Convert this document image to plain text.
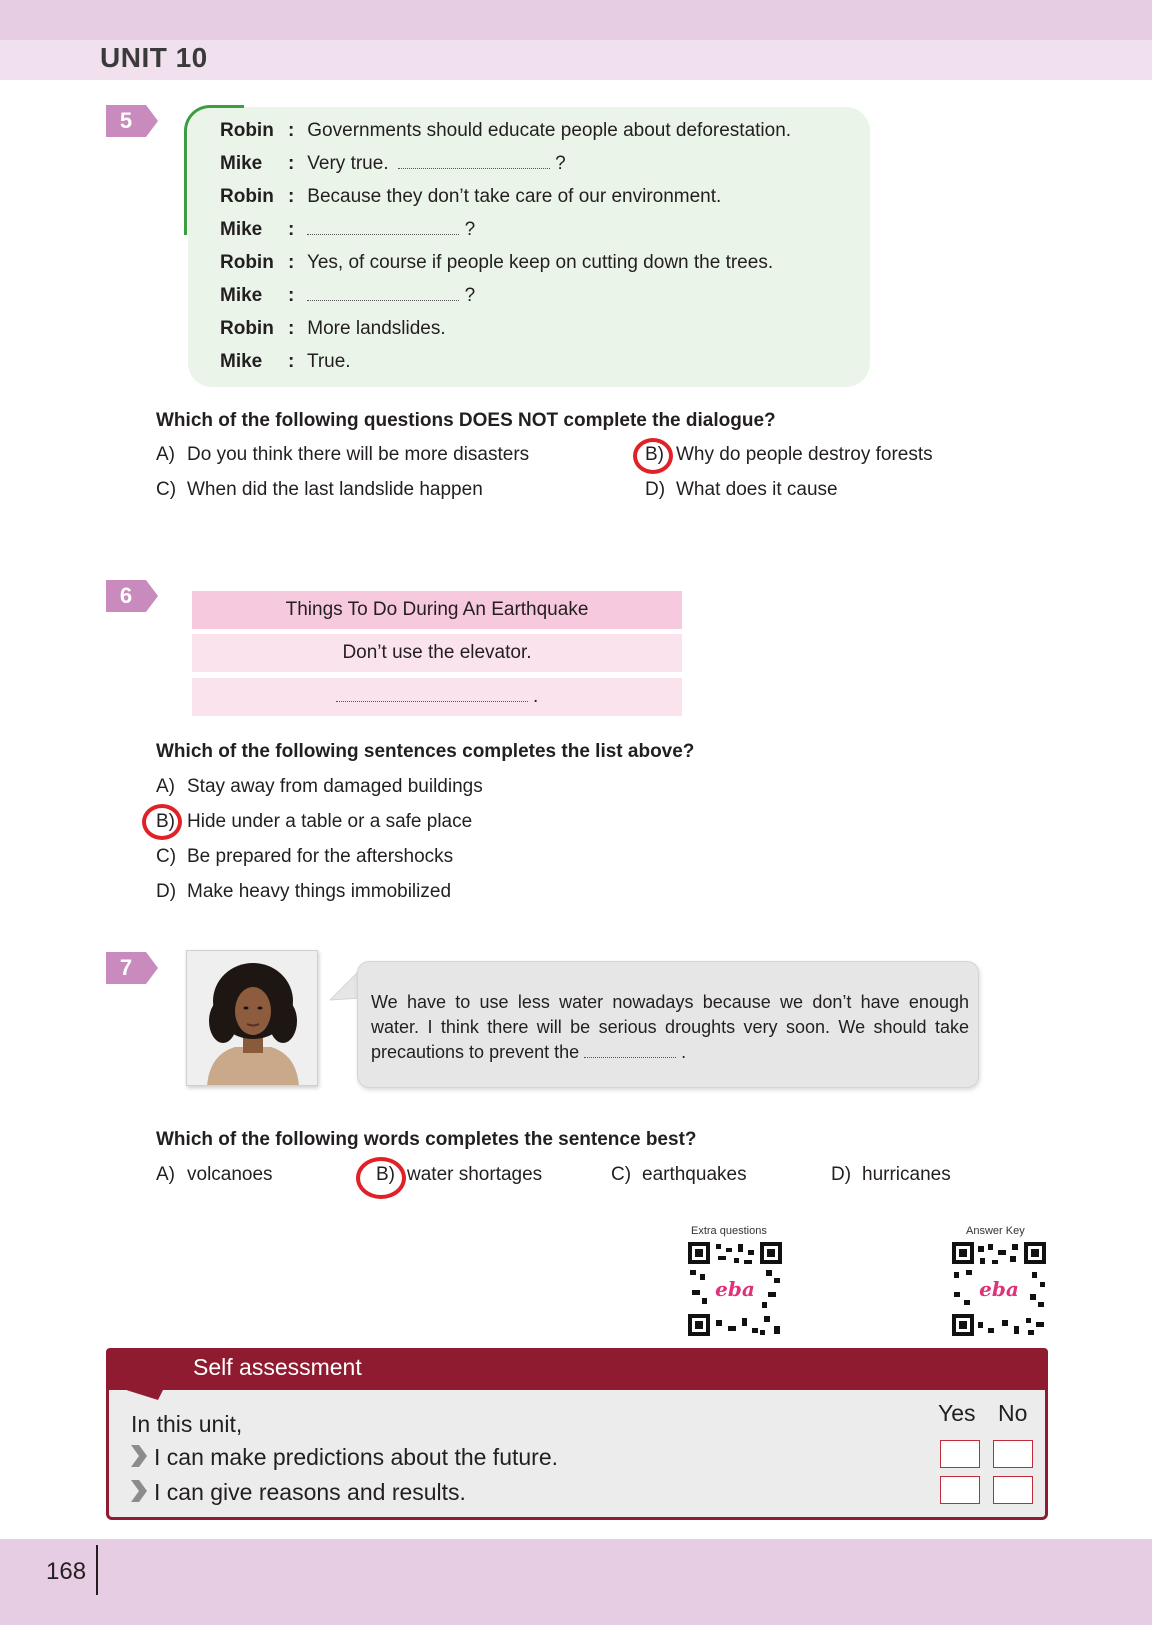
UNIT 10
5	Robin : Governments should educate people about deforestation.
Mike : Very true.	?
Robin : Because they don’t take care of our environment.
Mike :	?
Robin : Yes, of course if people keep on cutting down the trees.
Mike :	?
Robin : More landslides.
Mike : True.
Which of the following questions DOES NOT complete the dialogue?
A) Do you think there will be more disasters	B) Why do people destroy forests
C) When did the last landslide happen	D) What does it cause
6
Things To Do During An Earthquake
Don’t use the elevator.
.
Which of the following sentences completes the list above?
A) Stay away from damaged buildings
B) Hide under a table or a safe place
C) Be prepared for the aftershocks
D) Make heavy things immobilized
7
We have to use less water nowadays because we don’t have enough water. I think there will be serious droughts very soon. We should take precautions to prevent the	.
Which of the following words completes the sentence best?
A) volcanoes	B) water shortages	C) earthquakes	D) hurricanes
Extra questions	Answer Key
eba	eba
Self assessment
Yes No
In this unit,
I can make predictions about the future.
I can give reasons and results.
168
